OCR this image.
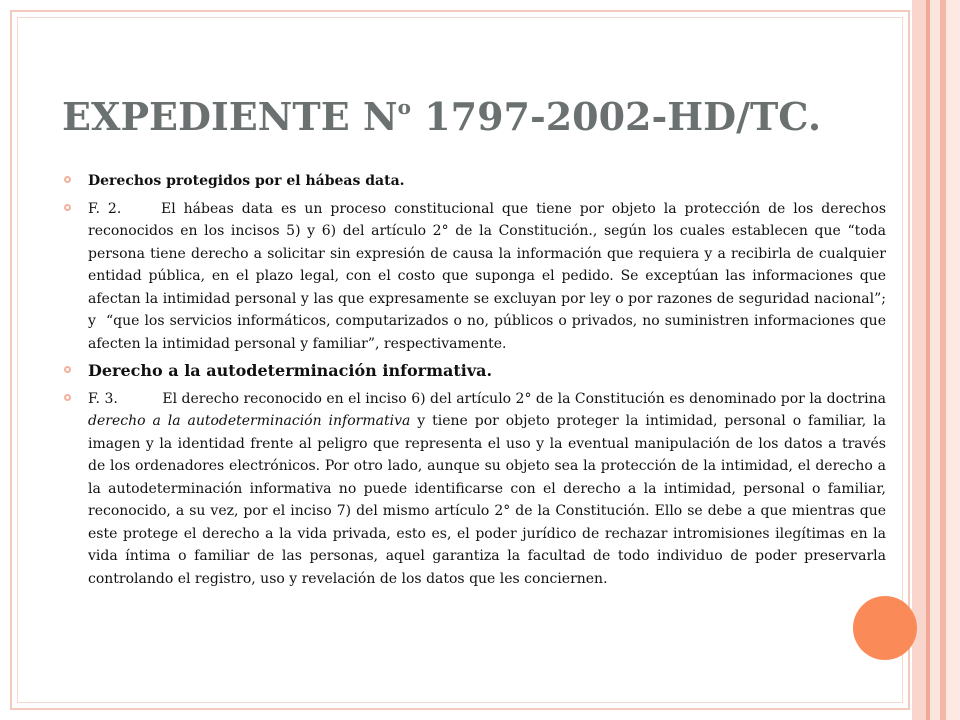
EXPEDIENTE $N^o$ 1797-2002-HD/TC.

Derechos protegidos por el hábeas data.

F. 2.     El hábeas data es un proceso constitucional que tiene por objeto la protección de los derechos reconocidos en los incisos 5) y 6) del artículo 2° de la Constitución., según los cuales establecen que “toda persona tiene derecho a solicitar sin expresión de causa la información que requiera y a recibirla de cualquier entidad pública, en el plazo legal, con el costo que suponga el pedido. Se exceptúan las informaciones que afectan la intimidad personal y las que expresamente se excluyan por ley o por razones de seguridad nacional”; y  “que los servicios informáticos, computarizados o no, públicos o privados, no suministren informaciones que afecten la intimidad personal y familiar”, respectivamente.

Derecho a la autodeterminación informativa.

F. 3.          El derecho reconocido en el inciso 6) del artículo 2° de la Constitución es denominado por la doctrina derecho a la autodeterminación informativa y tiene por objeto proteger la intimidad, personal o familiar, la imagen y la identidad frente al peligro que representa el uso y la eventual manipulación de los datos a través de los ordenadores electrónicos. Por otro lado, aunque su objeto sea la protección de la intimidad, el derecho a la autodeterminación informativa no puede identificarse con el derecho a la intimidad, personal o familiar, reconocido, a su vez, por el inciso 7) del mismo artículo 2° de la Constitución. Ello se debe a que mientras que este protege el derecho a la vida privada, esto es, el poder jurídico de rechazar intromisiones ilegítimas en la vida íntima o familiar de las personas, aquel garantiza la facultad de todo individuo de poder preservarla controlando el registro, uso y revelación de los datos que les conciernen.
